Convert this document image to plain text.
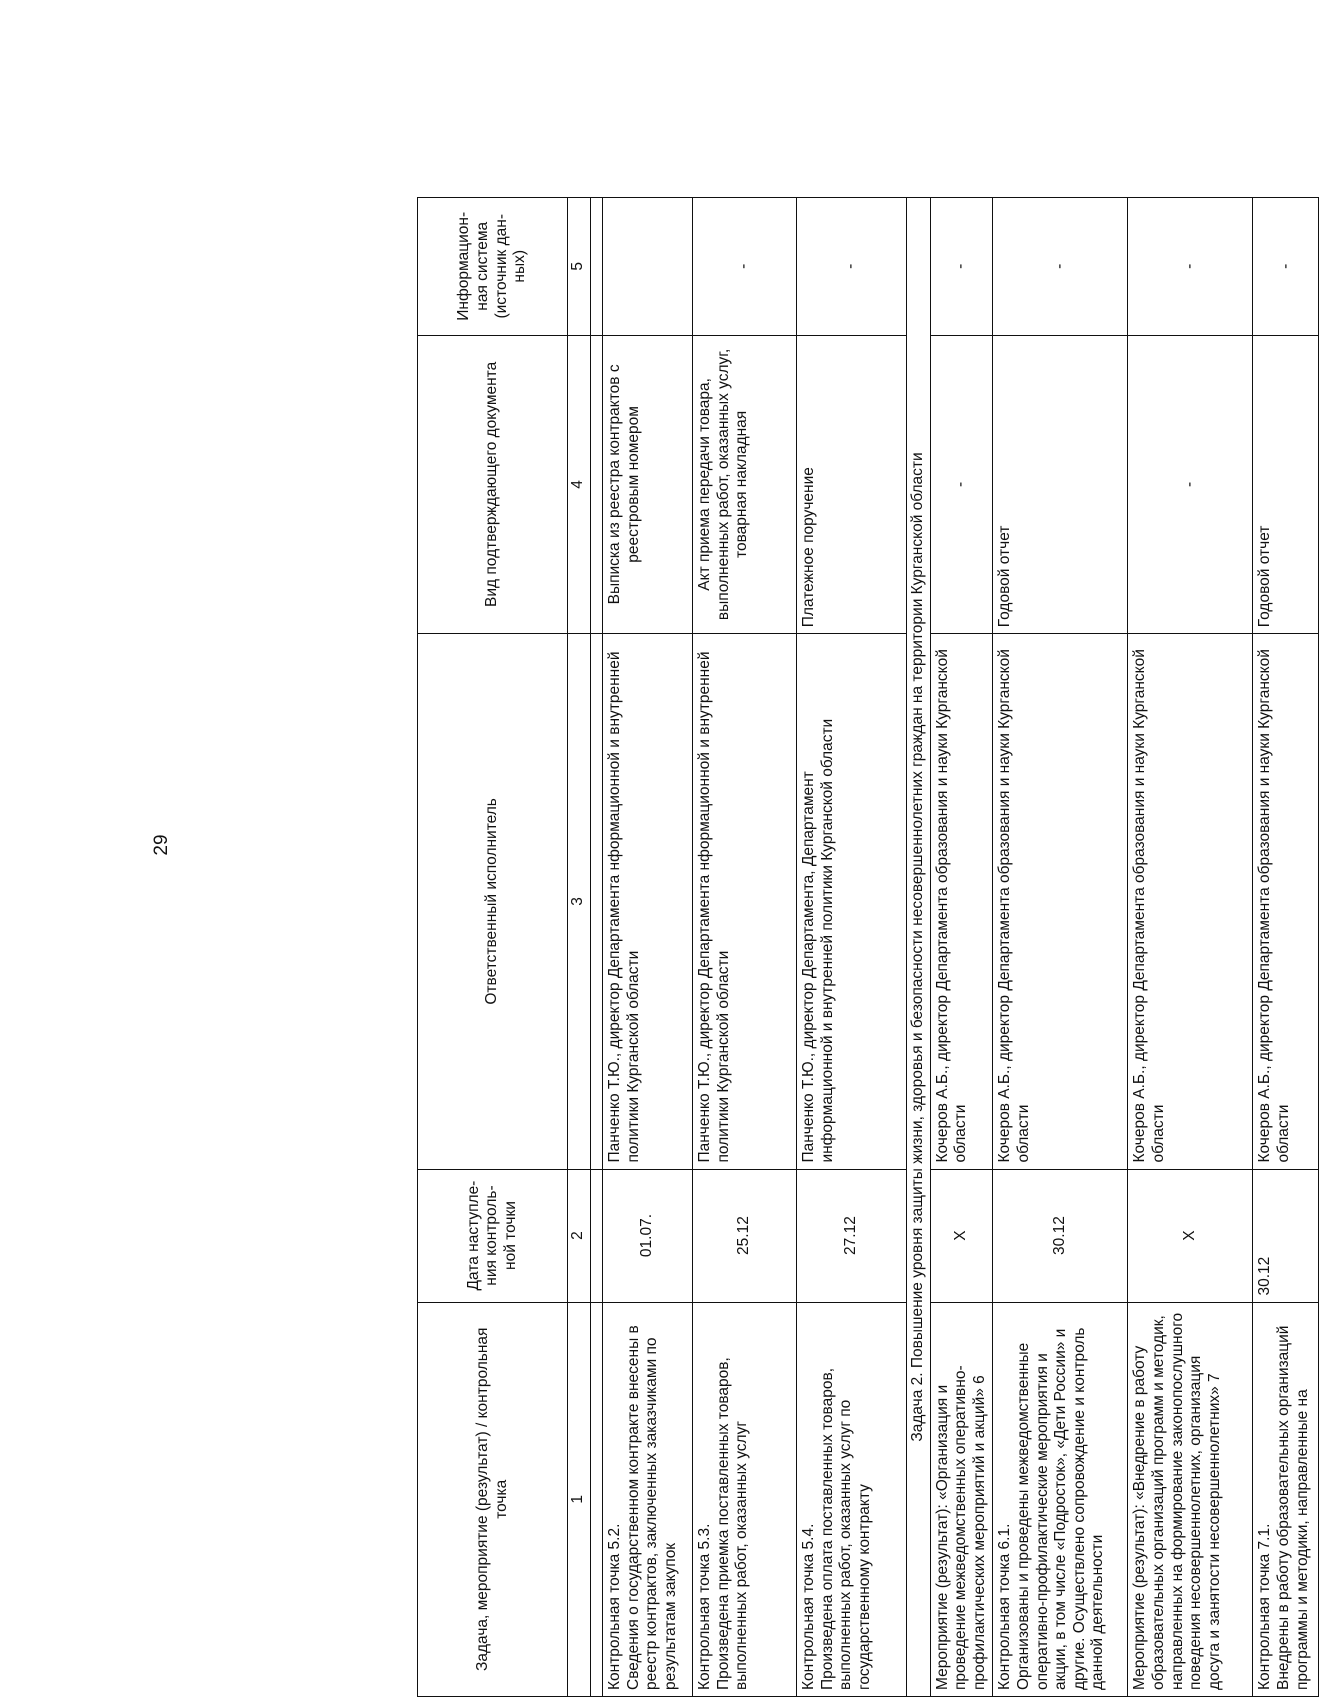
29
Задача, мероприятие (результат) / контрольная точка	Дата наступле-ния контроль-ной точки	Ответственный исполнитель	Вид подтверждающего документа	Информацион-ная система (источник дан-ных)
1	2	3	4	5

Контрольная точка 5.2. Сведения о государственном контракте внесены в реестр контрактов, заключенных заказчиками по результатам закупок	01.07.	Панченко Т.Ю., директор Департамента нформационной и внутренней политики Курганской области	Выписка из реестра контрактов с реестровым номером	

Контрольная точка 5.3. Произведена приемка поставленных товаров, выполненных работ, оказанных услуг	25.12	Панченко Т.Ю., директор Департамента нформационной и внутренней политики Курганской области	Акт приема передачи товара, выполненных работ, оказанных услуг, товарная накладная	-

Контрольная точка 5.4. Произведена оплата поставленных товаров, выполненных работ, оказанных услуг по государственному контракту	27.12	Панченко Т.Ю., директор Департамента, Департамент информационной и внутренней политики Курганской области	Платежное поручение	-
Задача 2. Повышение уровня защиты жизни, здоровья и безопасности несовершеннолетних граждан на территории Курганской области				

Мероприятие (результат): «Организация и проведение межведомственных оперативно-профилактических мероприятий и акций» 6	Х	Кочеров А.Б., директор Департамента образования и науки Курганской области	-	-

Контрольная точка 6.1. Организованы и проведены межведомственные оперативно-профилактические мероприятия и акции, в том числе «Подросток», «Дети России» и другие. Осуществлено сопровождение и контроль данной деятельности	30.12	Кочеров А.Б., директор Департамента образования и науки Курганской области	Годовой отчет	-

Мероприятие (результат): «Внедрение в работу образовательных организаций программ и методик, направленных на формирование законопослушного поведения несовершеннолетних, организация досуга и занятости несовершеннолетних» 7	Х	Кочеров А.Б., директор Департамента образования и науки Курганской области	-	-

Контрольная точка 7.1. Внедрены в работу образовательных организаций программы и методики, направленные на	30.12	Кочеров А.Б., директор Департамента образования и науки Курганской области	Годовой отчет	-
